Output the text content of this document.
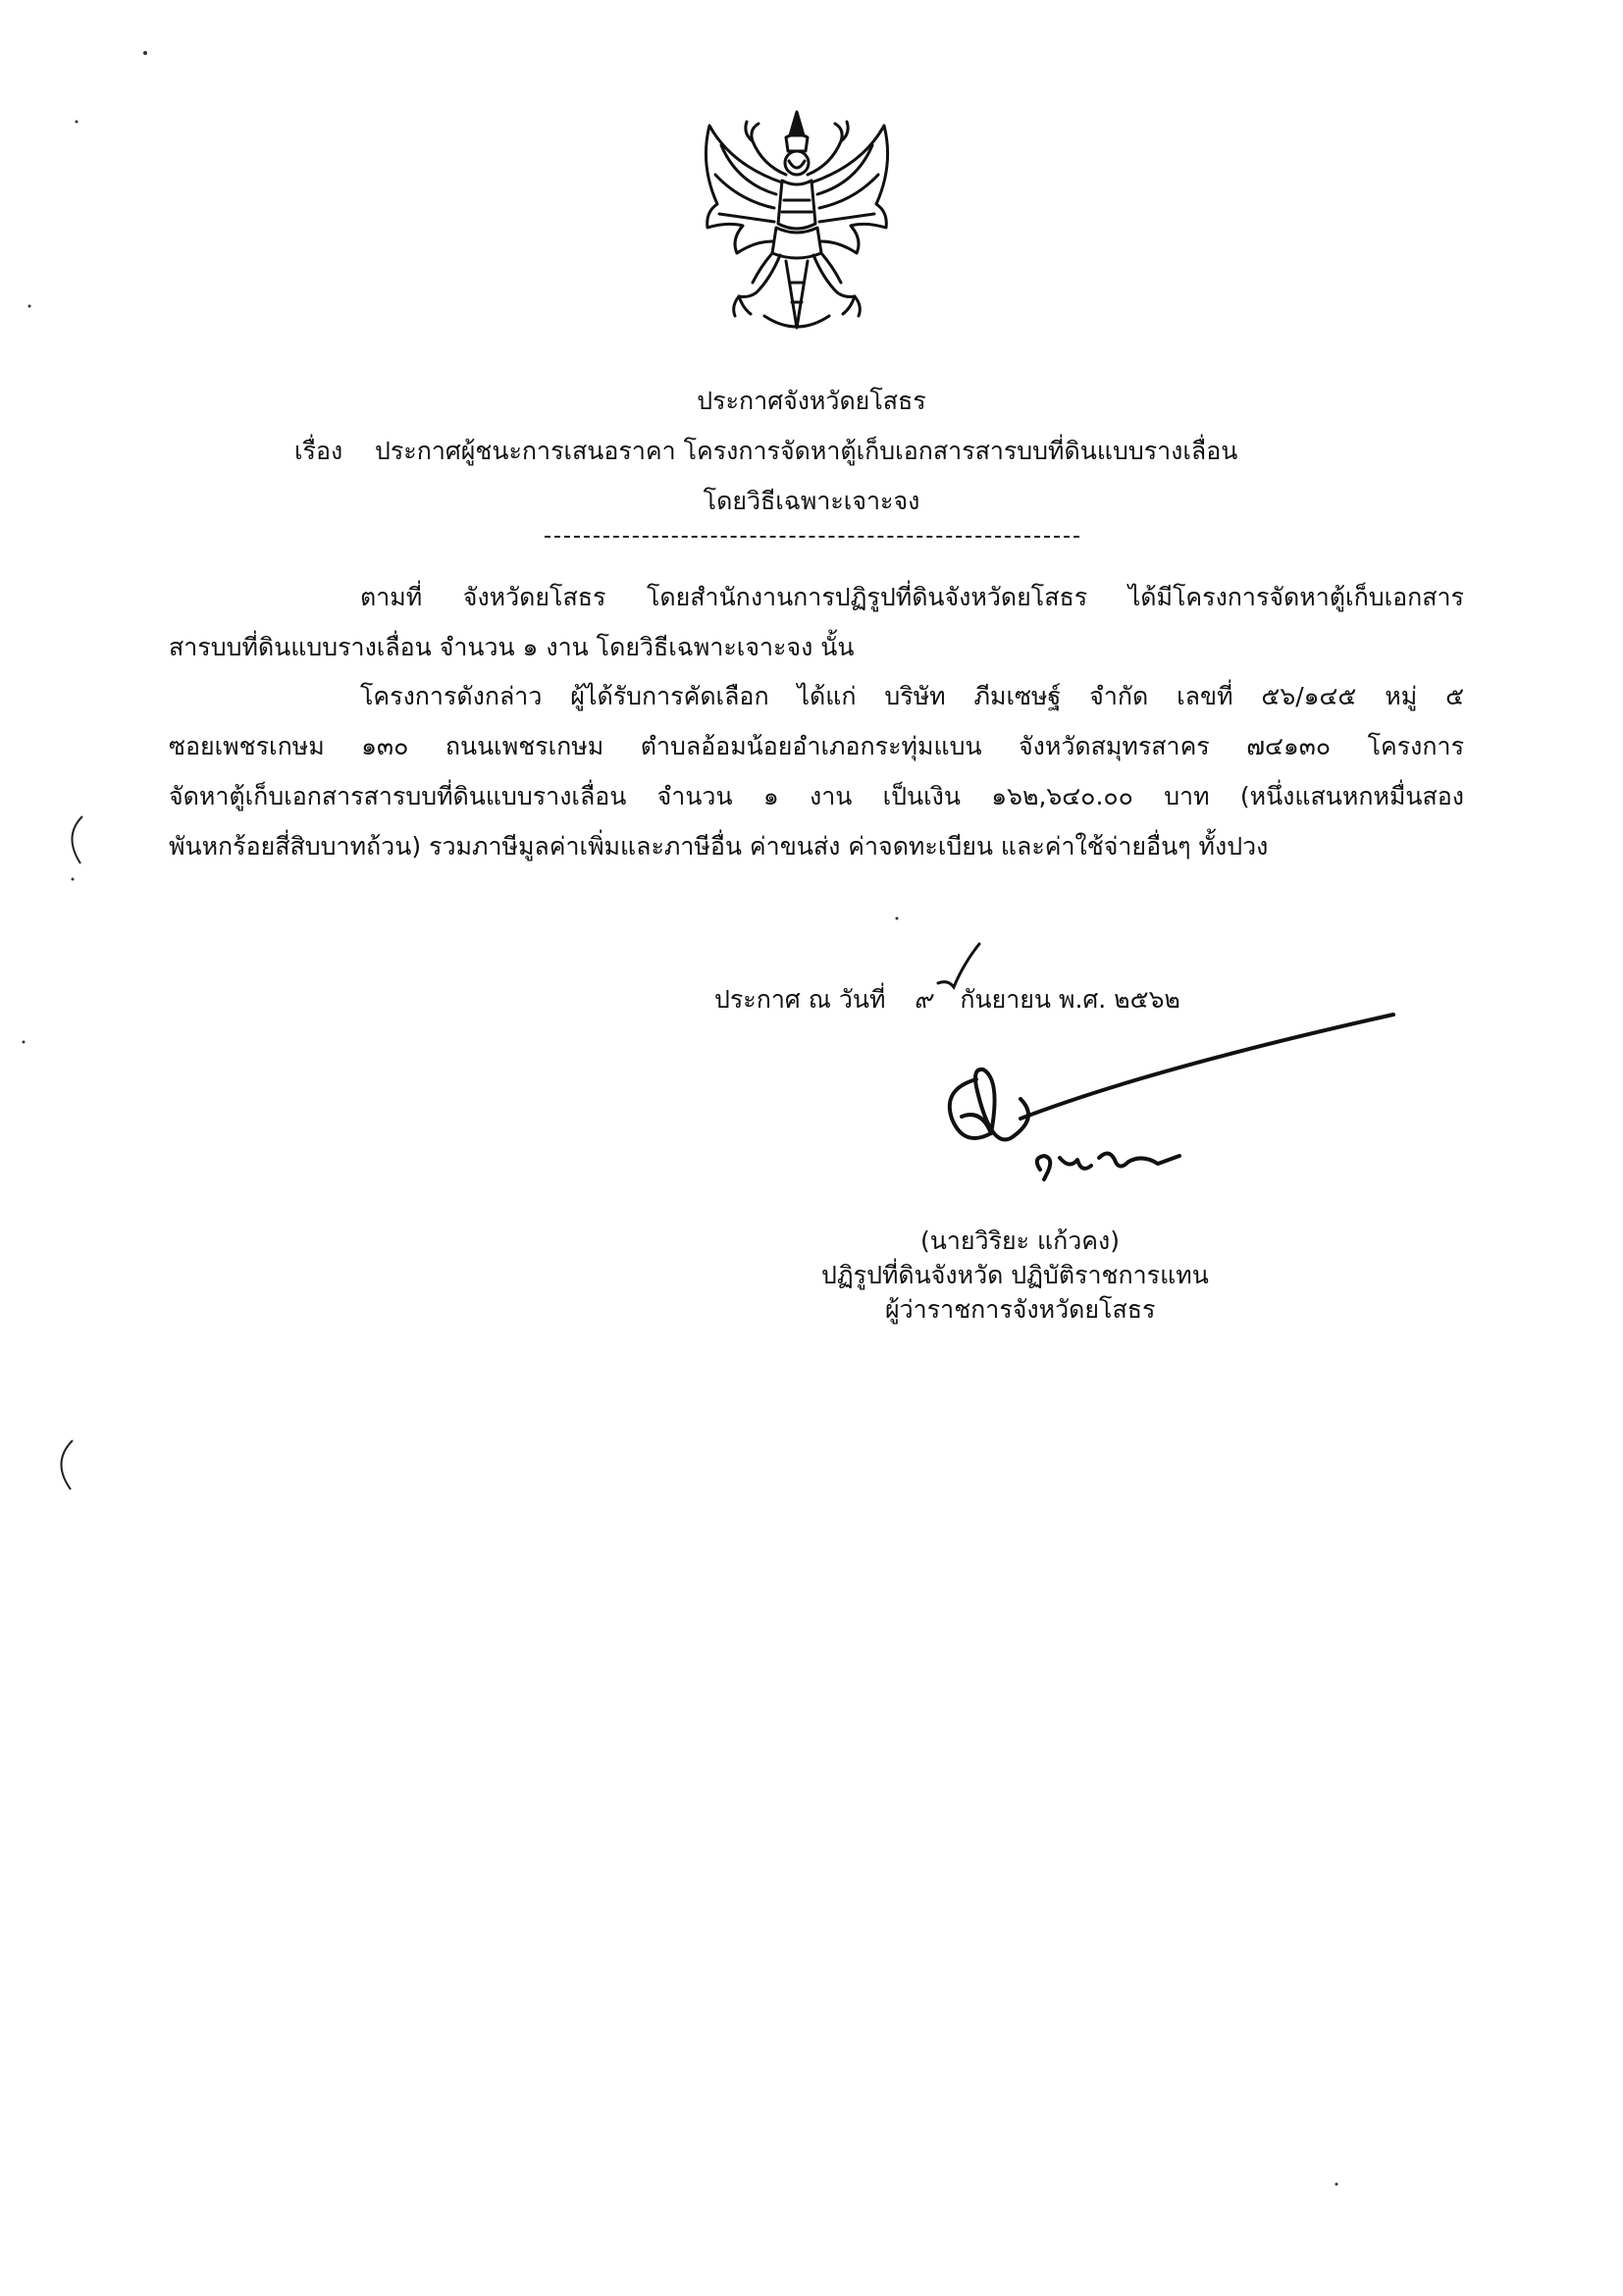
ประกาศจังหวัดยโสธร
เรื่อง ประกาศผู้ชนะการเสนอราคา โครงการจัดหาตู้เก็บเอกสารสารบบที่ดินแบบรางเลื่อน
โดยวิธีเฉพาะเจาะจง
ตามที่ จังหวัดยโสธร โดยสำนักงานการปฏิรูปที่ดินจังหวัดยโสธร ได้มีโครงการจัดหาตู้เก็บเอกสาร
สารบบที่ดินแบบรางเลื่อน จำนวน ๑ งาน โดยวิธีเฉพาะเจาะจง นั้น
โครงการดังกล่าว ผู้ได้รับการคัดเลือก ได้แก่ บริษัท ภีมเซษฐ์ จำกัด เลขที่ ๕๖/๑๔๕ หมู่ ๕
ซอยเพชรเกษม ๑๓๐ ถนนเพชรเกษม ตำบลอ้อมน้อยอำเภอกระทุ่มแบน จังหวัดสมุทรสาคร ๗๔๑๓๐ โครงการ
จัดหาตู้เก็บเอกสารสารบบที่ดินแบบรางเลื่อน จำนวน ๑ งาน เป็นเงิน ๑๖๒,๖๔๐.๐๐ บาท (หนึ่งแสนหกหมื่นสอง
พันหกร้อยสี่สิบบาทถ้วน) รวมภาษีมูลค่าเพิ่มและภาษีอื่น ค่าขนส่ง ค่าจดทะเบียน และค่าใช้จ่ายอื่นๆ ทั้งปวง
ประกาศ ณ วันที่ ๙ กันยายน พ.ศ. ๒๕๖๒
(นายวิริยะ แก้วคง)
ปฏิรูปที่ดินจังหวัด ปฏิบัติราชการแทน
ผู้ว่าราชการจังหวัดยโสธร
